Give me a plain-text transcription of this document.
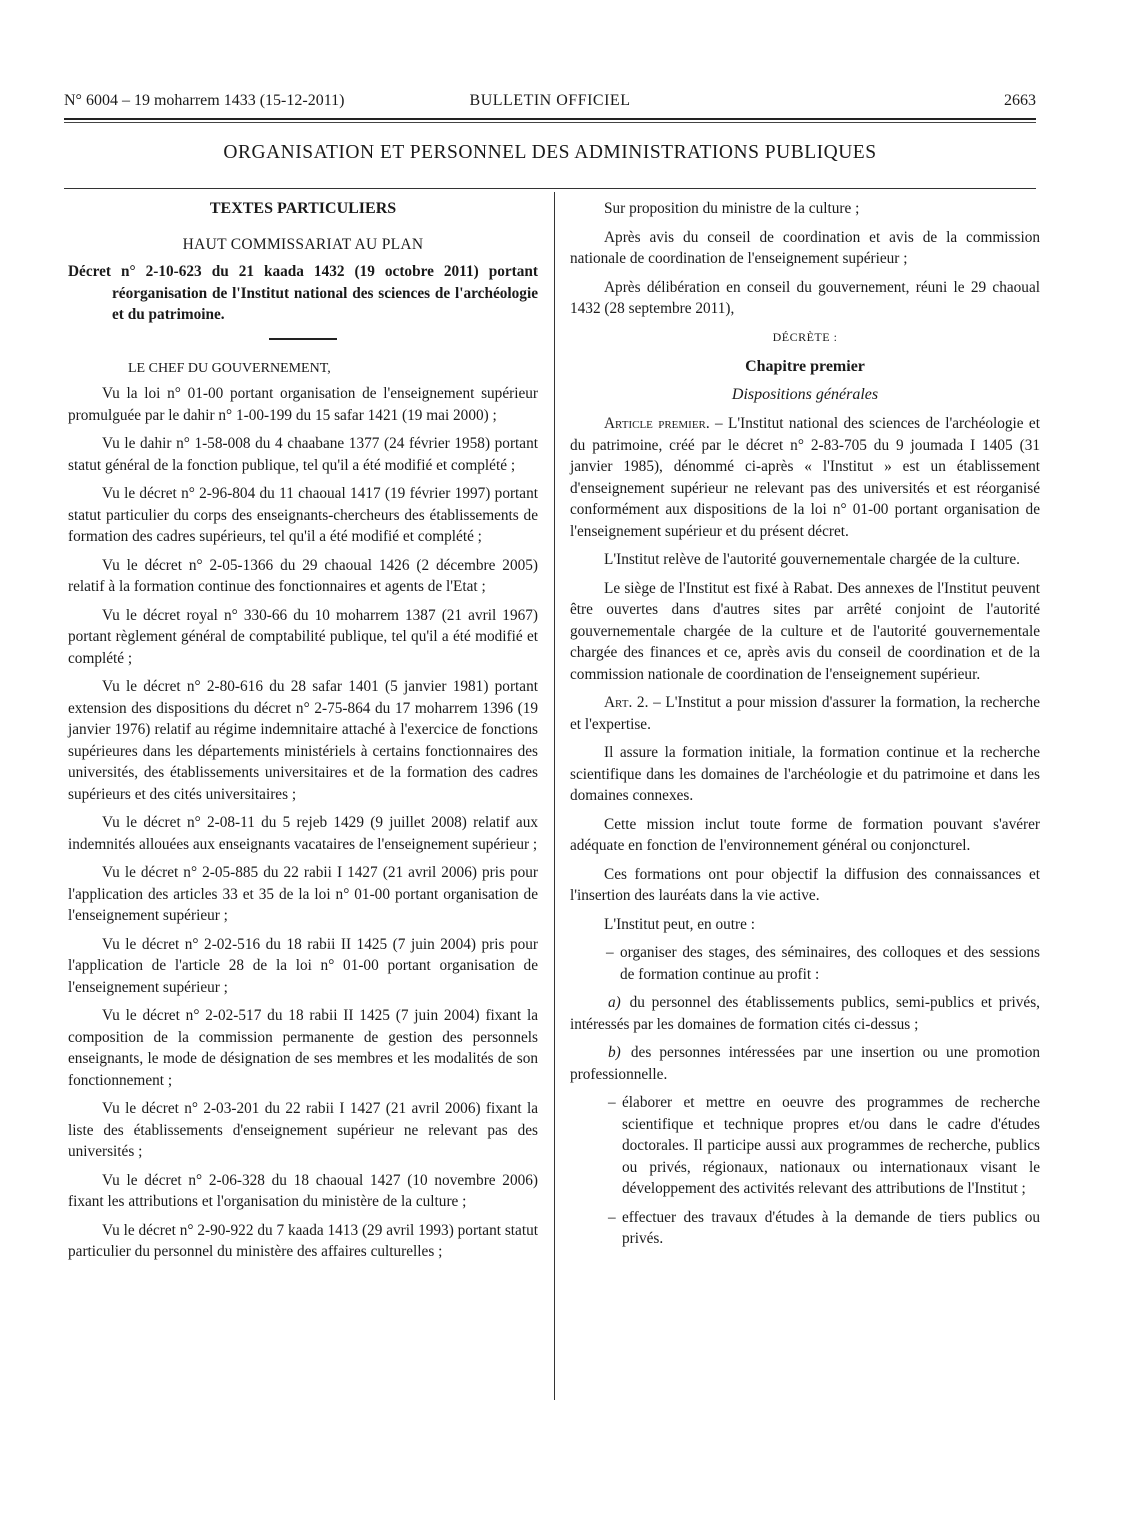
N° 6004 – 19 moharrem 1433 (15-12-2011)	BULLETIN OFFICIEL	2663
ORGANISATION ET PERSONNEL DES ADMINISTRATIONS PUBLIQUES
TEXTES PARTICULIERS
HAUT COMMISSARIAT AU PLAN
Décret n° 2-10-623 du 21 kaada 1432 (19 octobre 2011) portant réorganisation de l'Institut national des sciences de l'archéologie et du patrimoine.

LE CHEF DU GOUVERNEMENT,

Vu la loi n° 01-00 portant organisation de l'enseignement supérieur promulguée par le dahir n° 1-00-199 du 15 safar 1421 (19 mai 2000) ;

Vu le dahir n° 1-58-008 du 4 chaabane 1377 (24 février 1958) portant statut général de la fonction publique, tel qu'il a été modifié et complété ;

Vu le décret n° 2-96-804 du 11 chaoual 1417 (19 février 1997) portant statut particulier du corps des enseignants-chercheurs des établissements de formation des cadres supérieurs, tel qu'il a été modifié et complété ;

Vu le décret n° 2-05-1366 du 29 chaoual 1426 (2 décembre 2005) relatif à la formation continue des fonctionnaires et agents de l'Etat ;

Vu le décret royal n° 330-66 du 10 moharrem 1387 (21 avril 1967) portant règlement général de comptabilité publique, tel qu'il a été modifié et complété ;

Vu le décret n° 2-80-616 du 28 safar 1401 (5 janvier 1981) portant extension des dispositions du décret n° 2-75-864 du 17 moharrem 1396 (19 janvier 1976) relatif au régime indemnitaire attaché à l'exercice de fonctions supérieures dans les départements ministériels à certains fonctionnaires des universités, des établissements universitaires et de la formation des cadres supérieurs et des cités universitaires ;

Vu le décret n° 2-08-11 du 5 rejeb 1429 (9 juillet 2008) relatif aux indemnités allouées aux enseignants vacataires de l'enseignement supérieur ;

Vu le décret n° 2-05-885 du 22 rabii I 1427 (21 avril 2006) pris pour l'application des articles 33 et 35 de la loi n° 01-00 portant organisation de l'enseignement supérieur ;

Vu le décret n° 2-02-516 du 18 rabii II 1425 (7 juin 2004) pris pour l'application de l'article 28 de la loi n° 01-00 portant organisation de l'enseignement supérieur ;

Vu le décret n° 2-02-517 du 18 rabii II 1425 (7 juin 2004) fixant la composition de la commission permanente de gestion des personnels enseignants, le mode de désignation de ses membres et les modalités de son fonctionnement ;

Vu le décret n° 2-03-201 du 22 rabii I 1427 (21 avril 2006) fixant la liste des établissements d'enseignement supérieur ne relevant pas des universités ;

Vu le décret n° 2-06-328 du 18 chaoual 1427 (10 novembre 2006) fixant les attributions et l'organisation du ministère de la culture ;

Vu le décret n° 2-90-922 du 7 kaada 1413 (29 avril 1993) portant statut particulier du personnel du ministère des affaires culturelles ;

Sur proposition du ministre de la culture ;

Après avis du conseil de coordination et avis de la commission nationale de coordination de l'enseignement supérieur ;

Après délibération en conseil du gouvernement, réuni le 29 chaoual 1432 (28 septembre 2011),

DÉCRÈTE :
Chapitre premier
Dispositions générales

Article premier. – L'Institut national des sciences de l'archéologie et du patrimoine, créé par le décret n° 2-83-705 du 9 joumada I 1405 (31 janvier 1985), dénommé ci-après « l'Institut » est un établissement d'enseignement supérieur ne relevant pas des universités et est réorganisé conformément aux dispositions de la loi n° 01-00 portant organisation de l'enseignement supérieur et du présent décret.

L'Institut relève de l'autorité gouvernementale chargée de la culture.

Le siège de l'Institut est fixé à Rabat. Des annexes de l'Institut peuvent être ouvertes dans d'autres sites par arrêté conjoint de l'autorité gouvernementale chargée de la culture et de l'autorité gouvernementale chargée des finances et ce, après avis du conseil de coordination et de la commission nationale de coordination de l'enseignement supérieur.

Art. 2. – L'Institut a pour mission d'assurer la formation, la recherche et l'expertise.

Il assure la formation initiale, la formation continue et la recherche scientifique dans les domaines de l'archéologie et du patrimoine et dans les domaines connexes.

Cette mission inclut toute forme de formation pouvant s'avérer adéquate en fonction de l'environnement général ou conjoncturel.

Ces formations ont pour objectif la diffusion des connaissances et l'insertion des lauréats dans la vie active.

L'Institut peut, en outre :

– organiser des stages, des séminaires, des colloques et des sessions de formation continue au profit :

a) du personnel des établissements publics, semi-publics et privés, intéressés par les domaines de formation cités ci-dessus ;

b) des personnes intéressées par une insertion ou une promotion professionnelle.

– élaborer et mettre en oeuvre des programmes de recherche scientifique et technique propres et/ou dans le cadre d'études doctorales. Il participe aussi aux programmes de recherche, publics ou privés, régionaux, nationaux ou internationaux visant le développement des activités relevant des attributions de l'Institut ;

– effectuer des travaux d'études à la demande de tiers publics ou privés.
